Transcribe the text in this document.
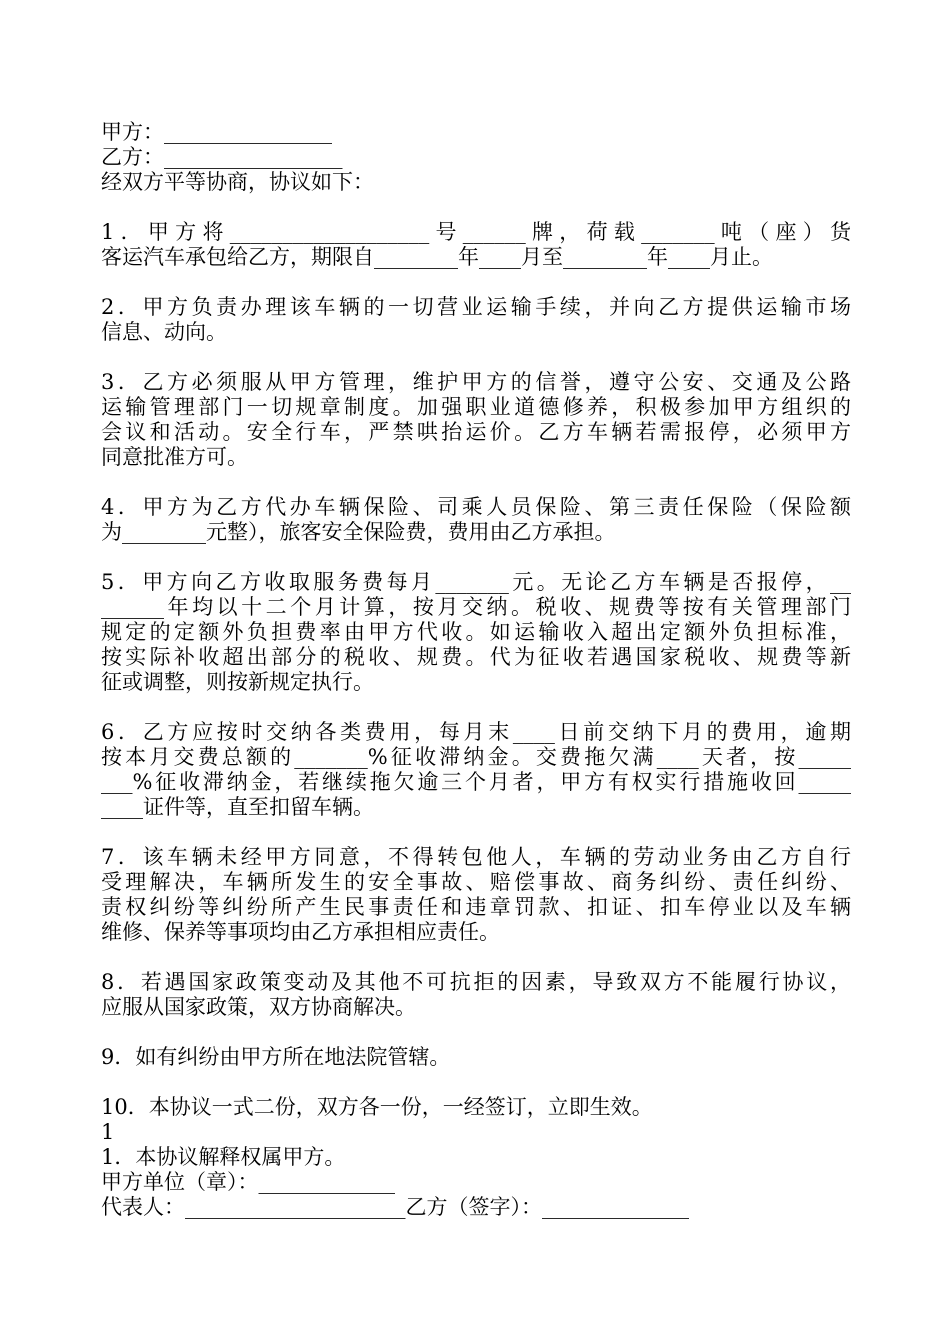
甲方：________________
乙方：_________________
经双方平等协商，协议如下：
1．甲方将___________________号______牌，荷载_______吨（座）货
客运汽车承包给乙方，期限自________年____月至________年____月止。
2．甲方负责办理该车辆的一切营业运输手续，并向乙方提供运输市场
信息、动向。
3．乙方必须服从甲方管理，维护甲方的信誉，遵守公安、交通及公路
运输管理部门一切规章制度。加强职业道德修养，积极参加甲方组织的
会议和活动。安全行车，严禁哄抬运价。乙方车辆若需报停，必须甲方
同意批准方可。
4．甲方为乙方代办车辆保险、司乘人员保险、第三责任保险（保险额
为________元整），旅客安全保险费，费用由乙方承担。
5．甲方向乙方收取服务费每月_______元。无论乙方车辆是否报停，__
______年均以十二个月计算，按月交纳。税收、规费等按有关管理部门
规定的定额外负担费率由甲方代收。如运输收入超出定额外负担标准，
按实际补收超出部分的税收、规费。代为征收若遇国家税收、规费等新
征或调整，则按新规定执行。
6．乙方应按时交纳各类费用，每月末____日前交纳下月的费用，逾期
按本月交费总额的_______%征收滞纳金。交费拖欠满____天者，按_____
___%征收滞纳金，若继续拖欠逾三个月者，甲方有权实行措施收回_____
____证件等，直至扣留车辆。
7．该车辆未经甲方同意，不得转包他人，车辆的劳动业务由乙方自行
受理解决，车辆所发生的安全事故、赔偿事故、商务纠纷、责任纠纷、
责权纠纷等纠纷所产生民事责任和违章罚款、扣证、扣车停业以及车辆
维修、保养等事项均由乙方承担相应责任。
8．若遇国家政策变动及其他不可抗拒的因素，导致双方不能履行协议，
应服从国家政策，双方协商解决。
9．如有纠纷由甲方所在地法院管辖。
10．本协议一式二份，双方各一份，一经签订，立即生效。
1
1．本协议解释权属甲方。
甲方单位（章）：_____________
代表人：_____________________乙方（签字）：______________
